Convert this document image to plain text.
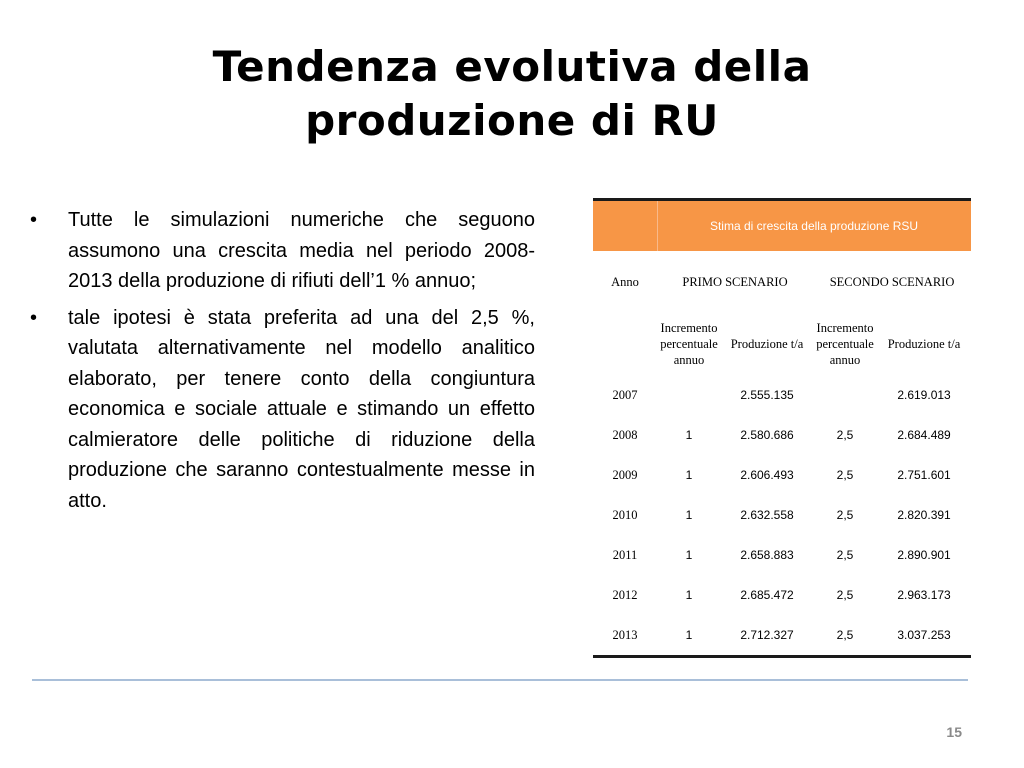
Tendenza evolutiva della
produzione di RU
• Tutte le simulazioni numeriche che seguono assumono una crescita media nel periodo 2008-2013 della produzione di rifiuti dell’1 % annuo;
• tale ipotesi è stata preferita ad una del 2,5 %, valutata alternativamente nel modello analitico elaborato, per tenere conto della congiuntura economica e sociale attuale e stimando un effetto calmieratore delle politiche di riduzione della produzione che saranno contestualmente messe in atto.
Stima di crescita della produzione RSU
Anno	PRIMO SCENARIO		SECONDO SCENARIO	
	Incremento percentuale annuo	Produzione t/a	Incremento percentuale annuo	Produzione t/a
2007		2.555.135		2.619.013
2008	1	2.580.686	2,5	2.684.489
2009	1	2.606.493	2,5	2.751.601
2010	1	2.632.558	2,5	2.820.391
2011	1	2.658.883	2,5	2.890.901
2012	1	2.685.472	2,5	2.963.173
2013	1	2.712.327	2,5	3.037.253
15
